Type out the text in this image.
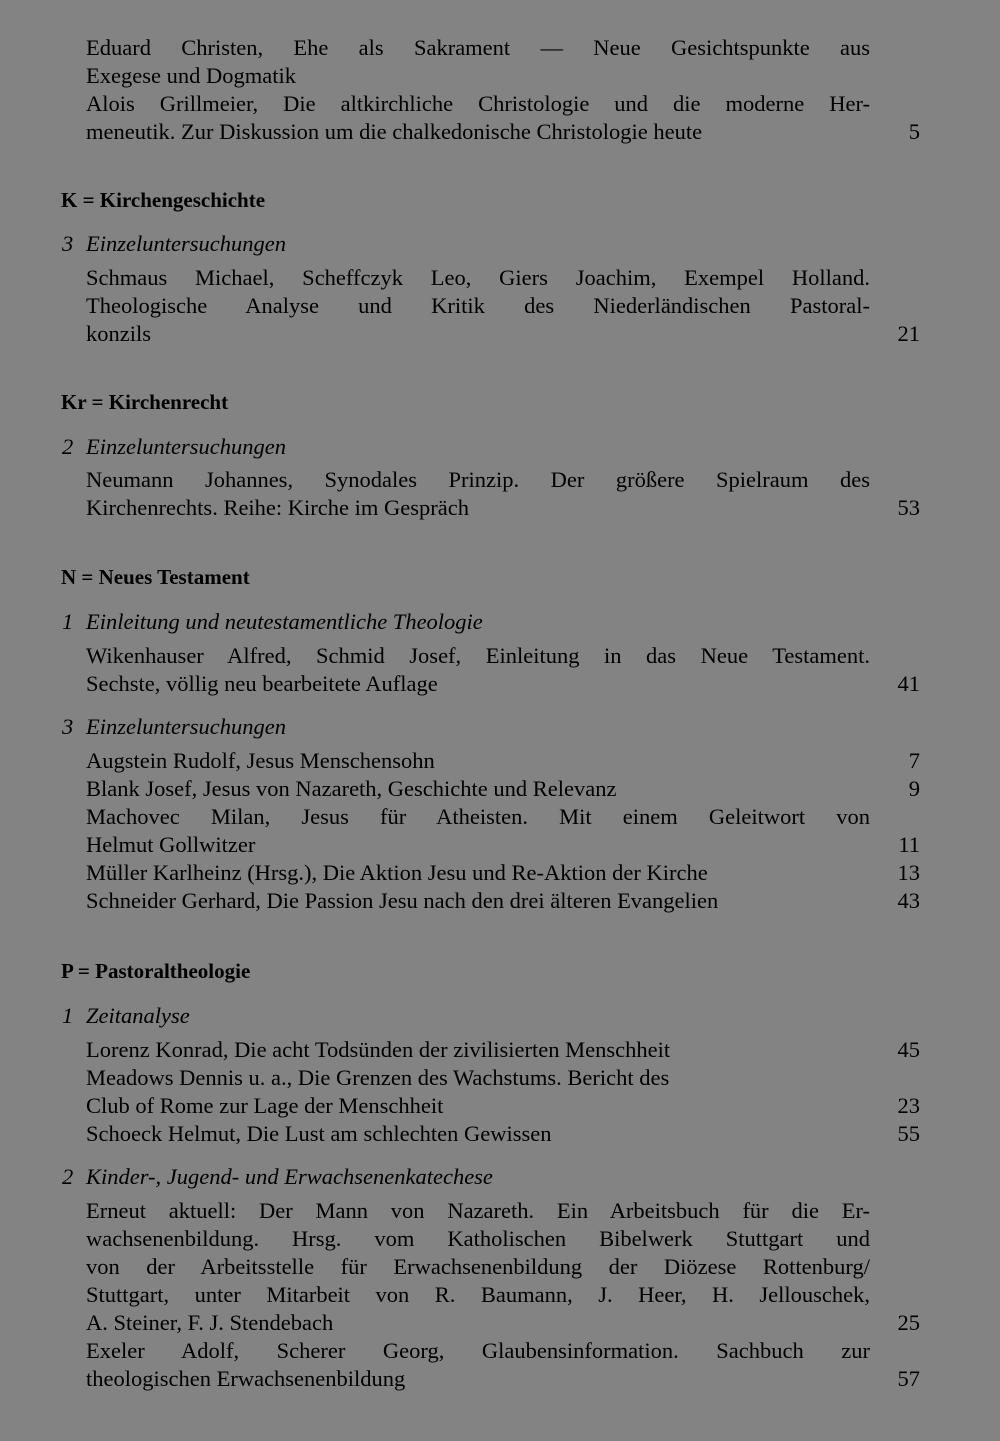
Eduard Christen, Ehe als Sakrament — Neue Gesichtspunkte aus
Exegese und Dogmatik
Alois Grillmeier, Die altkirchliche Christologie und die moderne Her-
meneutik. Zur Diskussion um die chalkedonische Christologie heute	5
K = Kirchengeschichte
3 Einzeluntersuchungen
Schmaus Michael, Scheffczyk Leo, Giers Joachim, Exempel Holland.
Theologische Analyse und Kritik des Niederländischen Pastoral-
konzils	21
Kr = Kirchenrecht
2 Einzeluntersuchungen
Neumann Johannes, Synodales Prinzip. Der größere Spielraum des
Kirchenrechts. Reihe: Kirche im Gespräch	53
N = Neues Testament
1 Einleitung und neutestamentliche Theologie
Wikenhauser Alfred, Schmid Josef, Einleitung in das Neue Testament.
Sechste, völlig neu bearbeitete Auflage	41
3 Einzeluntersuchungen
Augstein Rudolf, Jesus Menschensohn	7
Blank Josef, Jesus von Nazareth, Geschichte und Relevanz	9
Machovec Milan, Jesus für Atheisten. Mit einem Geleitwort von
Helmut Gollwitzer	11
Müller Karlheinz (Hrsg.), Die Aktion Jesu und Re-Aktion der Kirche	13
Schneider Gerhard, Die Passion Jesu nach den drei älteren Evangelien	43
P = Pastoraltheologie
1 Zeitanalyse
Lorenz Konrad, Die acht Todsünden der zivilisierten Menschheit	45
Meadows Dennis u. a., Die Grenzen des Wachstums. Bericht des
Club of Rome zur Lage der Menschheit	23
Schoeck Helmut, Die Lust am schlechten Gewissen	55
2 Kinder-, Jugend- und Erwachsenenkatechese
Erneut aktuell: Der Mann von Nazareth. Ein Arbeitsbuch für die Er-
wachsenenbildung. Hrsg. vom Katholischen Bibelwerk Stuttgart und
von der Arbeitsstelle für Erwachsenenbildung der Diözese Rottenburg/
Stuttgart, unter Mitarbeit von R. Baumann, J. Heer, H. Jellouschek,
A. Steiner, F. J. Stendebach	25
Exeler Adolf, Scherer Georg, Glaubensinformation. Sachbuch zur
theologischen Erwachsenenbildung	57
